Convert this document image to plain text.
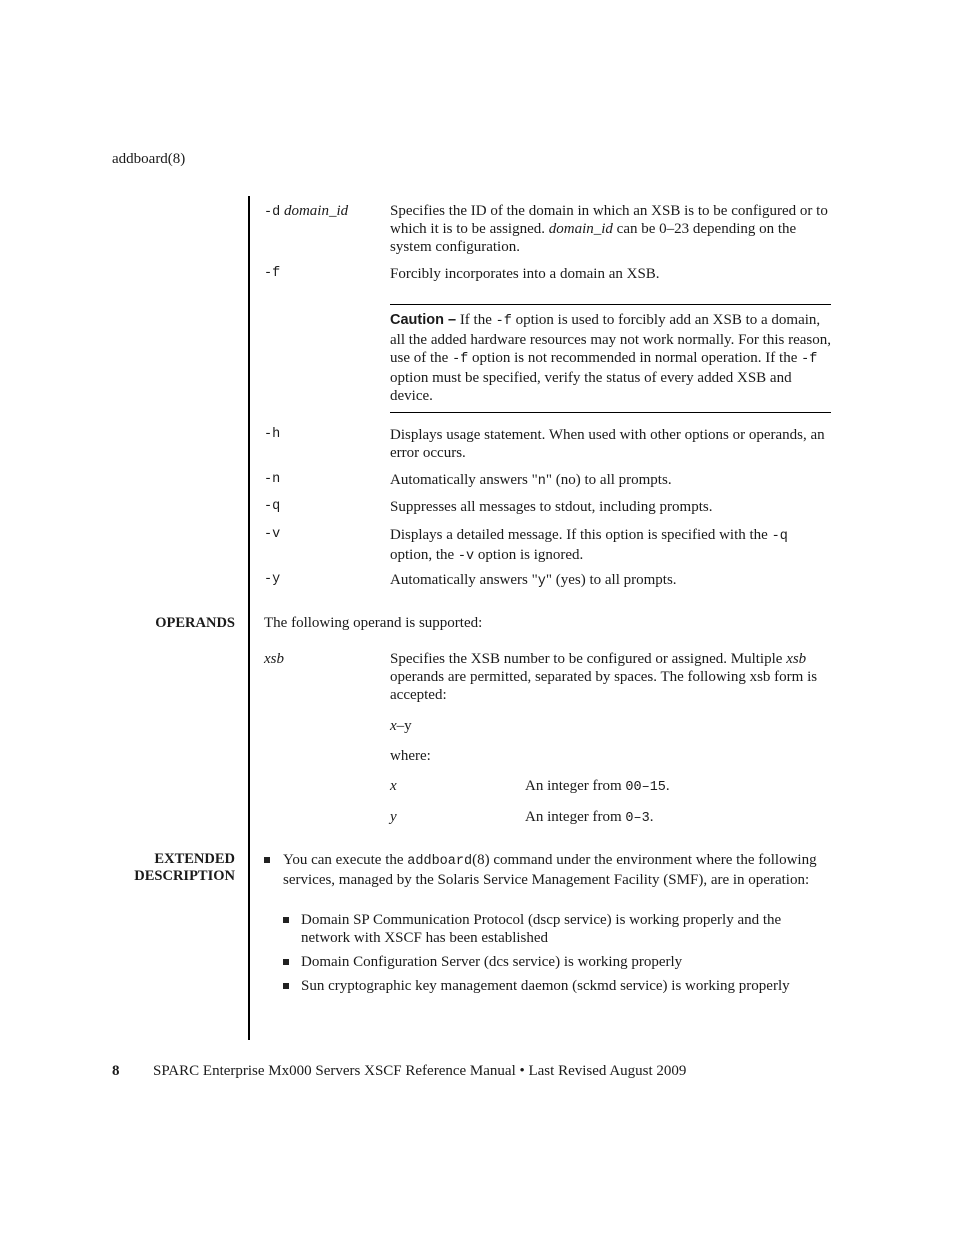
addboard(8)
-d domain_id	Specifies the ID of the domain in which an XSB is to be configured or to which it is to be assigned. domain_id can be 0–23 depending on the system configuration.
-f	Forcibly incorporates into a domain an XSB.
Caution – If the -f option is used to forcibly add an XSB to a domain, all the added hardware resources may not work normally. For this reason, use of the -f option is not recommended in normal operation. If the -f option must be specified, verify the status of every added XSB and device.
-h	Displays usage statement. When used with other options or operands, an error occurs.
-n	Automatically answers "n" (no) to all prompts.
-q	Suppresses all messages to stdout, including prompts.
-v	Displays a detailed message. If this option is specified with the -q option, the -v option is ignored.
-y	Automatically answers "y" (yes) to all prompts.
OPERANDS The following operand is supported:
xsb	Specifies the XSB number to be configured or assigned. Multiple xsb operands are permitted, separated by spaces. The following xsb form is accepted:
x–y
where:
x	An integer from 00–15.
y	An integer from 0–3.
EXTENDED
DESCRIPTION
You can execute the addboard(8) command under the environment where the following services, managed by the Solaris Service Management Facility (SMF), are in operation:
Domain SP Communication Protocol (dscp service) is working properly and the network with XSCF has been established
Domain Configuration Server (dcs service) is working properly
Sun cryptographic key management daemon (sckmd service) is working properly
8 SPARC Enterprise Mx000 Servers XSCF Reference Manual • Last Revised August 2009
